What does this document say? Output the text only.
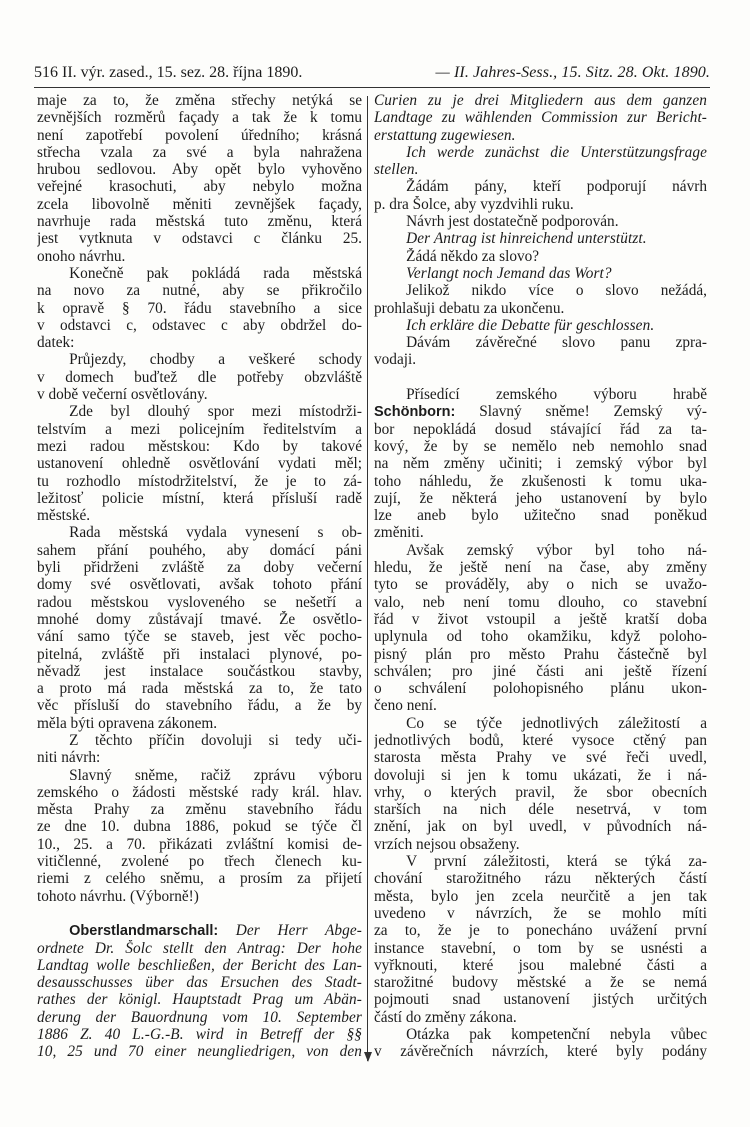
516 II. výr. zased., 15. sez. 28. října 1890.	— II. Jahres-Sess., 15. Sitz. 28. Okt. 1890.
maje za to, že změna střechy netýká se
zevnějších rozměrů façady a tak že k tomu
není zapotřebí povolení úředního; krásná
střecha vzala za své a byla nahražena
hrubou sedlovou. Aby opět bylo vyhověno
veřejné krasochuti, aby nebylo možna
zcela libovolně měniti zevnějšek façady,
navrhuje rada městská tuto změnu, která
jest vytknuta v odstavci c článku 25.
onoho návrhu.
Konečně pak pokládá rada městská
na novo za nutné, aby se přikročilo
k opravě § 70. řádu stavebního a sice
v odstavci c, odstavec c aby obdržel do-
datek:
Průjezdy, chodby a veškeré schody
v domech buďtež dle potřeby obzvláště
v době večerní osvětlovány.
Zde byl dlouhý spor mezi místodrži-
telstvím a mezi policejním ředitelstvím a
mezi radou městskou: Kdo by takové
ustanovení ohledně osvětlování vydati měl;
tu rozhodlo místodržitelství, že je to zá-
ležitosť policie místní, která přísluší radě
městské.
Rada městská vydala vynesení s ob-
sahem přání pouhého, aby domácí páni
byli přidrženi zvláště za doby večerní
domy své osvětlovati, avšak tohoto přání
radou městskou vysloveného se nešetří a
mnohé domy zůstávají tmavé. Že osvětlo-
vání samo týče se staveb, jest věc pocho-
pitelná, zvláště při instalaci plynové, po-
něvadž jest instalace součástkou stavby,
a proto má rada městská za to, že tato
věc přísluší do stavebního řádu, a že by
měla býti opravena zákonem.
Z těchto příčin dovoluji si tedy uči-
niti návrh:
Slavný sněme, račiž zprávu výboru
zemského o žádosti městské rady král. hlav.
města Prahy za změnu stavebního řádu
ze dne 10. dubna 1886, pokud se týče čl
10., 25. a 70. přikázati zvláštní komisi de-
vitičlenné, zvolené po třech členech ku-
riemi z celého sněmu, a prosím za přijetí
tohoto návrhu. (Výborně!)
Oberstlandmarschall: Der Herr Abge-
ordnete Dr. Šolc stellt den Antrag: Der hohe
Landtag wolle beschließen, der Bericht des Lan-
desausschusses über das Ersuchen des Stadt-
rathes der königl. Hauptstadt Prag um Abän-
derung der Bauordnung vom 10. September
1886 Z. 40 L.-G.-B. wird in Betreff der §§
10, 25 und 70 einer neungliedrigen, von den
Curien zu je drei Mitgliedern aus dem ganzen
Landtage zu wählenden Commission zur Bericht-
erstattung zugewiesen.
Ich werde zunächst die Unterstützungsfrage
stellen.
Žádám pány, kteří podporují návrh
p. dra Šolce, aby vyzdvihli ruku.
Návrh jest dostatečně podporován.
Der Antrag ist hinreichend unterstützt.
Žádá někdo za slovo?
Verlangt noch Jemand das Wort?
Jelikož nikdo více o slovo nežádá,
prohlašuji debatu za ukončenu.
Ich erkläre die Debatte für geschlossen.
Dávám závěrečné slovo panu zpra-
vodaji.
Přísedící zemského výboru hrabě
Schönborn: Slavný sněme! Zemský vý-
bor nepokládá dosud stávající řád za ta-
kový, že by se nemělo neb nemohlo snad
na něm změny učiniti; i zemský výbor byl
toho náhledu, že zkušenosti k tomu uka-
zují, že některá jeho ustanovení by bylo
lze aneb bylo užitečno snad poněkud
změniti.
Avšak zemský výbor byl toho ná-
hledu, že ještě není na čase, aby změny
tyto se prováděly, aby o nich se uvažo-
valo, neb není tomu dlouho, co stavební
řád v život vstoupil a ještě kratší doba
uplynula od toho okamžiku, když poloho-
pisný plán pro město Prahu částečně byl
schválen; pro jiné části ani ještě řízení
o schválení polohopisného plánu ukon-
čeno není.
Co se týče jednotlivých záležitostí a
jednotlivých bodů, které vysoce ctěný pan
starosta města Prahy ve své řeči uvedl,
dovoluji si jen k tomu ukázati, že i ná-
vrhy, o kterých pravil, že sbor obecních
starších na nich déle nesetrvá, v tom
znění, jak on byl uvedl, v původních ná-
vrzích nejsou obsaženy.
V první záležitosti, která se týká za-
chování starožitného rázu některých částí
města, bylo jen zcela neurčitě a jen tak
uvedeno v návrzích, že se mohlo míti
za to, že je to ponecháno uvážení první
instance stavební, o tom by se usnésti a
vyřknouti, které jsou malebné části a
starožitné budovy městské a že se nemá
pojmouti snad ustanovení jistých určitých
částí do změny zákona.
Otázka pak kompetenční nebyla vůbec
v závěrečních návrzích, které byly podány
